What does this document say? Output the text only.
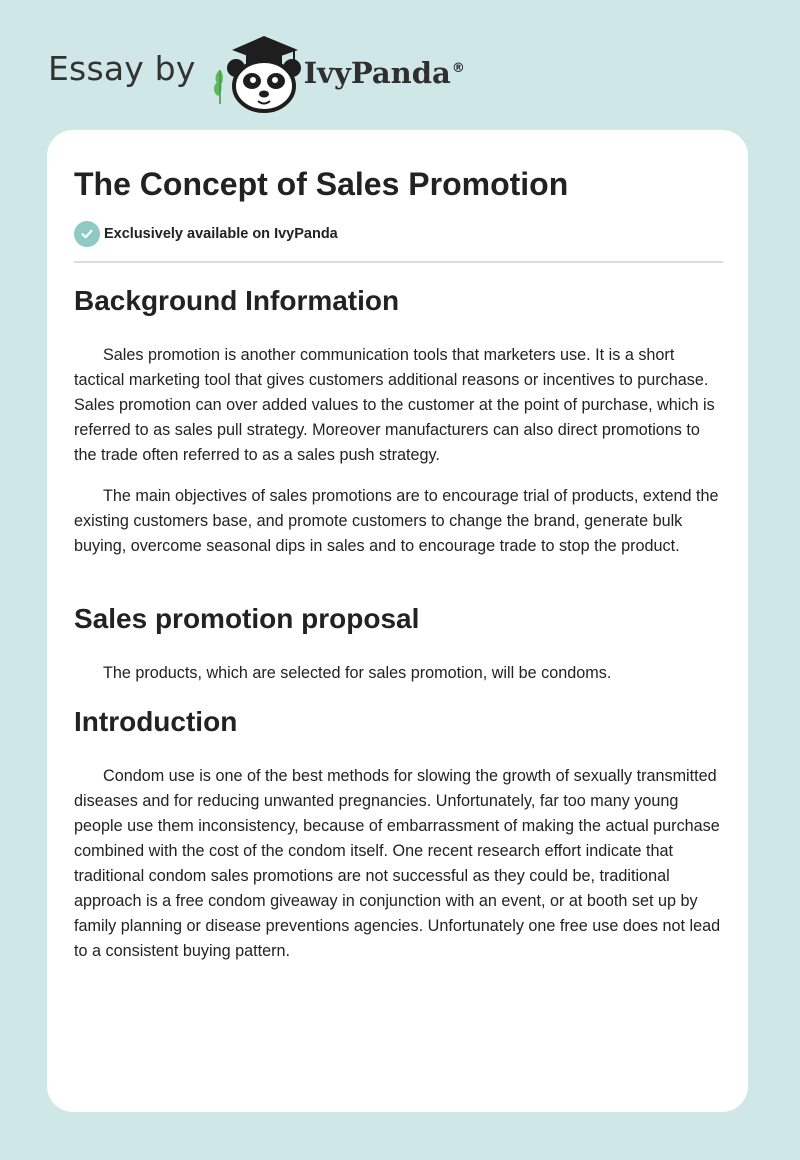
Essay by	IvyPanda®
The Concept of Sales Promotion
Exclusively available on IvyPanda
Background Information

Sales promotion is another communication tools that marketers use. It is a short tactical marketing tool that gives customers additional reasons or incentives to purchase. Sales promotion can over added values to the customer at the point of purchase, which is referred to as sales pull strategy. Moreover manufacturers can also direct promotions to the trade often referred to as a sales push strategy.

The main objectives of sales promotions are to encourage trial of products, extend the existing customers base, and promote customers to change the brand, generate bulk buying, overcome seasonal dips in sales and to encourage trade to stop the product.

Sales promotion proposal

The products, which are selected for sales promotion, will be condoms.

Introduction

Condom use is one of the best methods for slowing the growth of sexually transmitted diseases and for reducing unwanted pregnancies. Unfortunately, far too many young people use them inconsistency, because of embarrassment of making the actual purchase combined with the cost of the condom itself. One recent research effort indicate that traditional condom sales promotions are not successful as they could be, traditional approach is a free condom giveaway in conjunction with an event, or at booth set up by family planning or disease preventions agencies. Unfortunately one free use does not lead to a consistent buying pattern.
